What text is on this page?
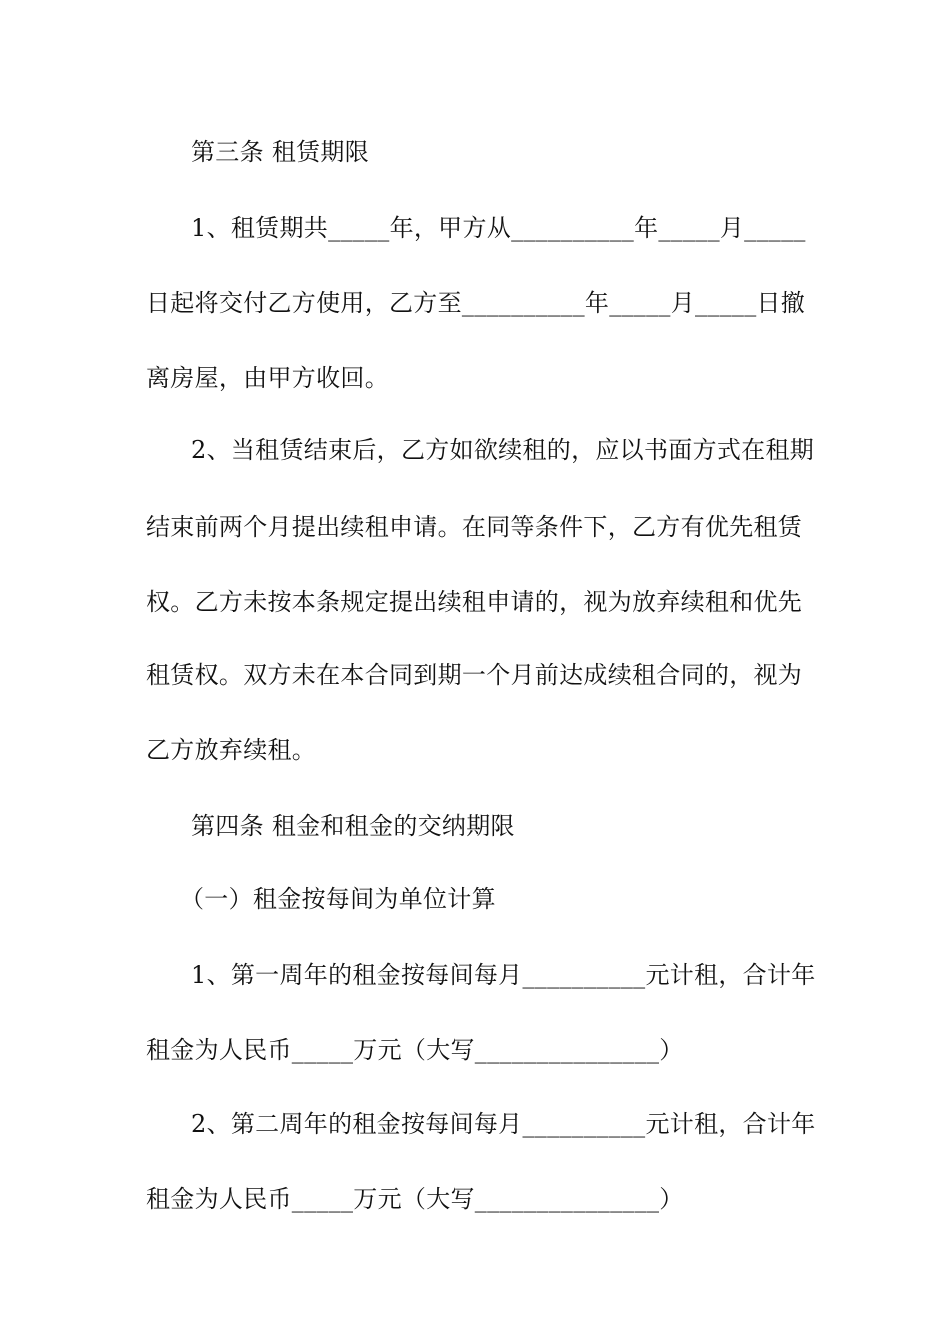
第三条 租赁期限
1、租赁期共_____年，甲方从__________年_____月_____
日起将交付乙方使用，乙方至__________年_____月_____日撤
离房屋，由甲方收回。
2、当租赁结束后，乙方如欲续租的，应以书面方式在租期
结束前两个月提出续租申请。在同等条件下，乙方有优先租赁
权。乙方未按本条规定提出续租申请的，视为放弃续租和优先
租赁权。双方未在本合同到期一个月前达成续租合同的，视为
乙方放弃续租。
第四条 租金和租金的交纳期限
（一）租金按每间为单位计算
1、第一周年的租金按每间每月__________元计租，合计年
租金为人民币_____万元（大写_______________）
2、第二周年的租金按每间每月__________元计租，合计年
租金为人民币_____万元（大写_______________）
